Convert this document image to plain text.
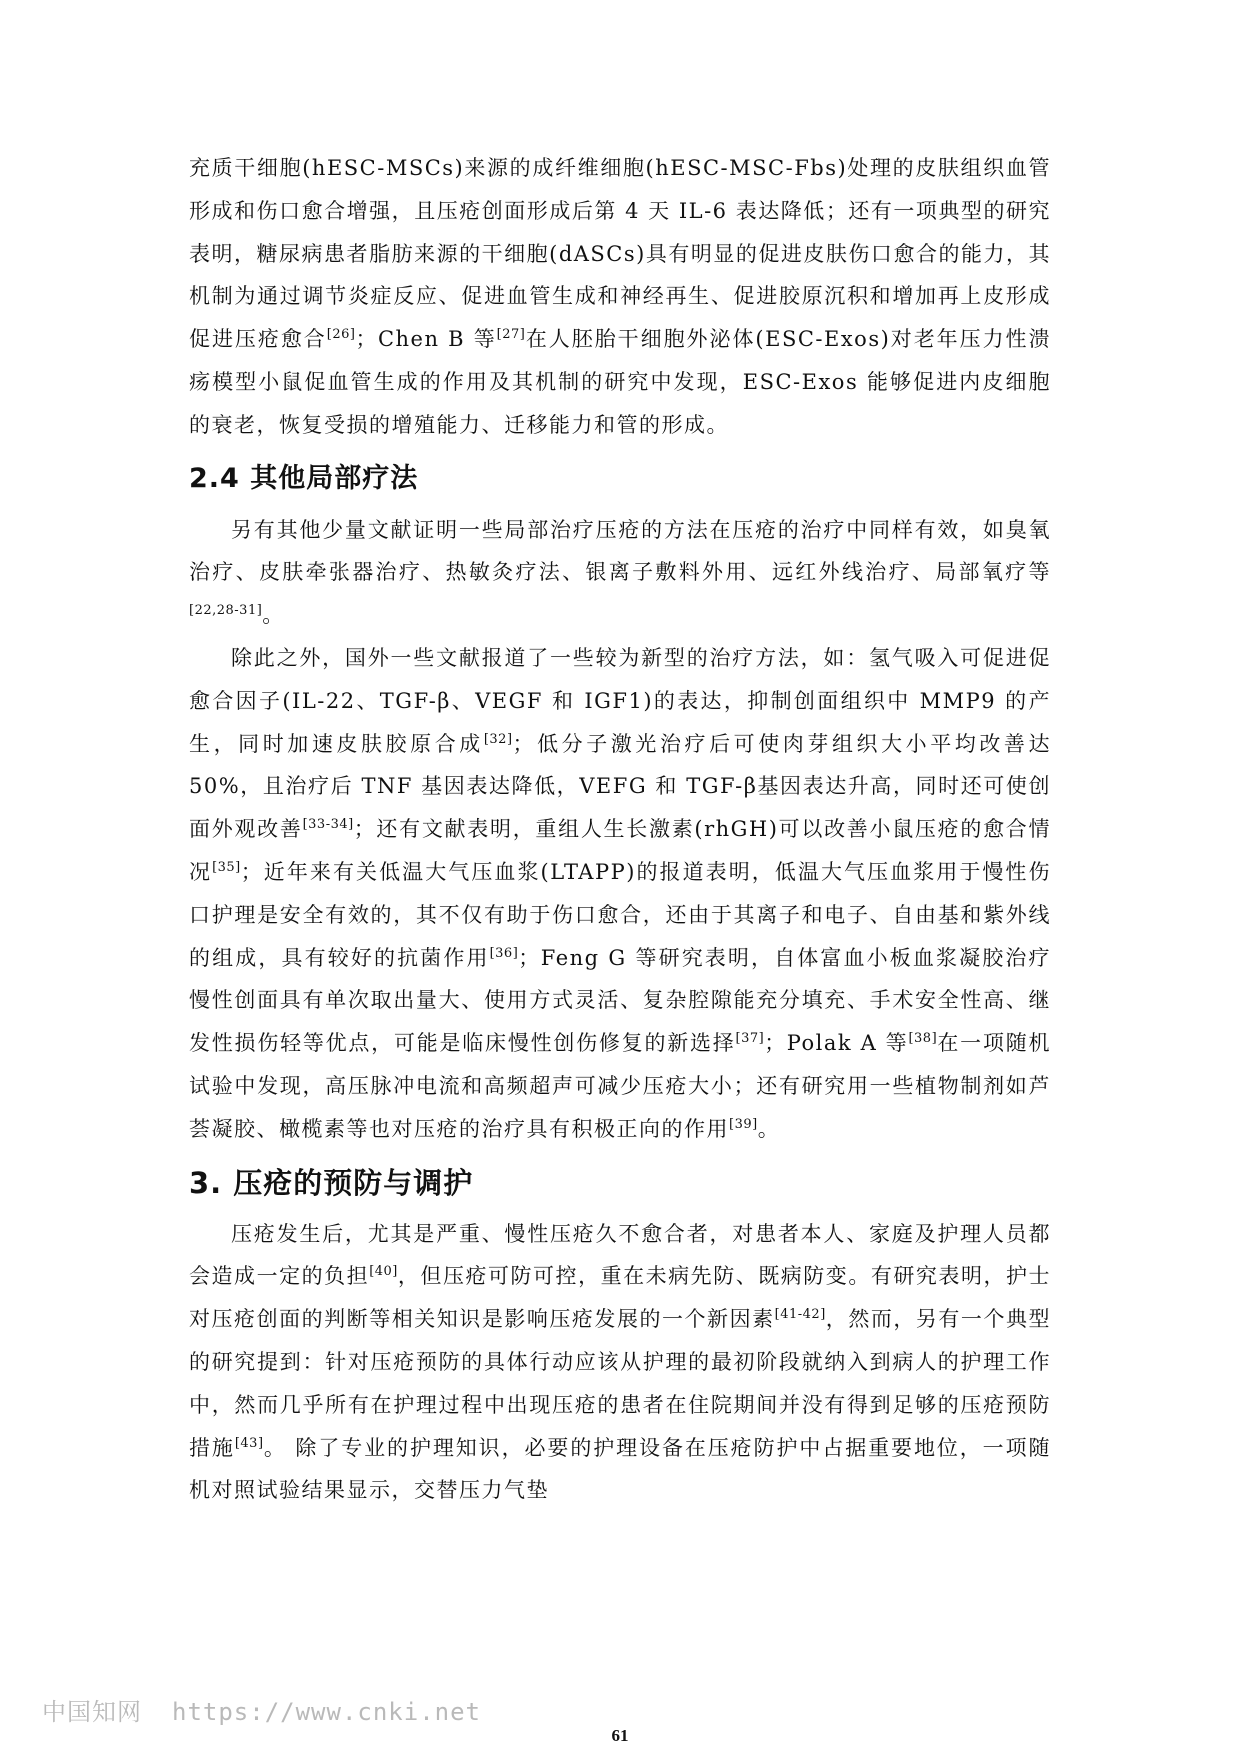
充质干细胞(hESC-MSCs)来源的成纤维细胞(hESC-MSC-Fbs)处理的皮肤组织血管形成和伤口愈合增强，且压疮创面形成后第 4 天 IL-6 表达降低；还有一项典型的研究表明，糖尿病患者脂肪来源的干细胞(dASCs)具有明显的促进皮肤伤口愈合的能力，其机制为通过调节炎症反应、促进血管生成和神经再生、促进胶原沉积和增加再上皮形成促进压疮愈合[26]；Chen B 等[27]在人胚胎干细胞外泌体(ESC-Exos)对老年压力性溃疡模型小鼠促血管生成的作用及其机制的研究中发现，ESC-Exos 能够促进内皮细胞的衰老，恢复受损的增殖能力、迁移能力和管的形成。

2.4 其他局部疗法

另有其他少量文献证明一些局部治疗压疮的方法在压疮的治疗中同样有效，如臭氧治疗、皮肤牵张器治疗、热敏灸疗法、银离子敷料外用、远红外线治疗、局部氧疗等[22,28-31]。

除此之外，国外一些文献报道了一些较为新型的治疗方法，如：氢气吸入可促进促愈合因子(IL-22、TGF-β、VEGF 和 IGF1)的表达，抑制创面组织中 MMP9 的产生，同时加速皮肤胶原合成[32]；低分子激光治疗后可使肉芽组织大小平均改善达 50%，且治疗后 TNF 基因表达降低，VEFG 和 TGF-β基因表达升高，同时还可使创面外观改善[33-34]；还有文献表明，重组人生长激素(rhGH)可以改善小鼠压疮的愈合情况[35]；近年来有关低温大气压血浆(LTAPP)的报道表明，低温大气压血浆用于慢性伤口护理是安全有效的，其不仅有助于伤口愈合，还由于其离子和电子、自由基和紫外线的组成，具有较好的抗菌作用[36]；Feng G 等研究表明，自体富血小板血浆凝胶治疗慢性创面具有单次取出量大、使用方式灵活、复杂腔隙能充分填充、手术安全性高、继发性损伤轻等优点，可能是临床慢性创伤修复的新选择[37]；Polak A 等[38]在一项随机试验中发现，高压脉冲电流和高频超声可减少压疮大小；还有研究用一些植物制剂如芦荟凝胶、橄榄素等也对压疮的治疗具有积极正向的作用[39]。

3. 压疮的预防与调护

压疮发生后，尤其是严重、慢性压疮久不愈合者，对患者本人、家庭及护理人员都会造成一定的负担[40]，但压疮可防可控，重在未病先防、既病防变。有研究表明，护士对压疮创面的判断等相关知识是影响压疮发展的一个新因素[41-42]，然而，另有一个典型的研究提到：针对压疮预防的具体行动应该从护理的最初阶段就纳入到病人的护理工作中，然而几乎所有在护理过程中出现压疮的患者在住院期间并没有得到足够的压疮预防措施[43]。 除了专业的护理知识，必要的护理设备在压疮防护中占据重要地位，一项随机对照试验结果显示，交替压力气垫

中国知网 https://www.cnki.net
61
